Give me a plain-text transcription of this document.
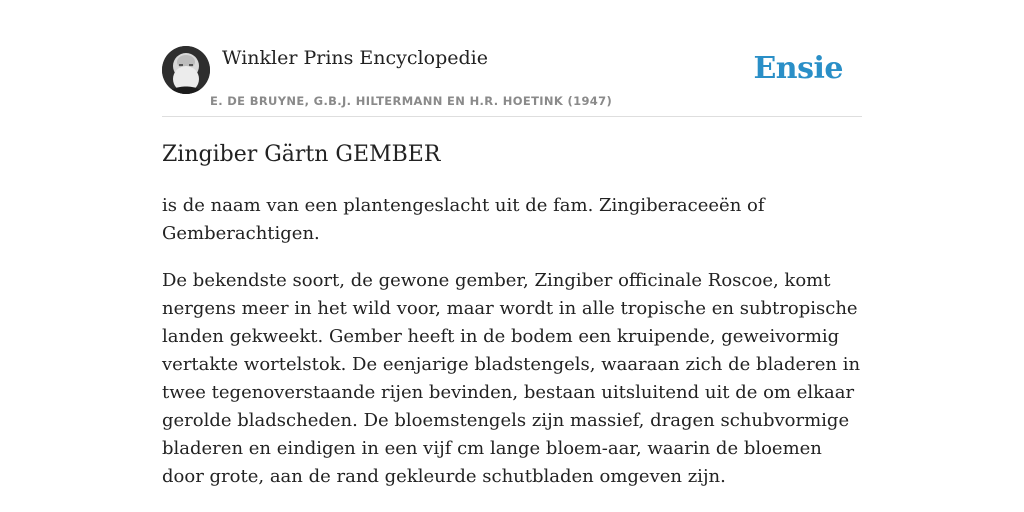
Winkler Prins Encyclopedie
E. DE BRUYNE, G.B.J. HILTERMANN EN H.R. HOETINK (1947)
Ensie
Zingiber Gärtn GEMBER

is de naam van een plantengeslacht uit de fam. Zingiberaceeën of Gemberachtigen.

De bekendste soort, de gewone gember, Zingiber officinale Roscoe, komt nergens meer in het wild voor, maar wordt in alle tropische en subtropische landen gekweekt. Gember heeft in de bodem een kruipende, geweivormig vertakte wortelstok. De eenjarige bladstengels, waaraan zich de bladeren in twee tegenoverstaande rijen bevinden, bestaan uitsluitend uit de om elkaar gerolde bladscheden. De bloemstengels zijn massief, dragen schubvormige bladeren en eindigen in een vijf cm lange bloem-aar, waarin de bloemen door grote, aan de rand gekleurde schutbladen omgeven zijn.
